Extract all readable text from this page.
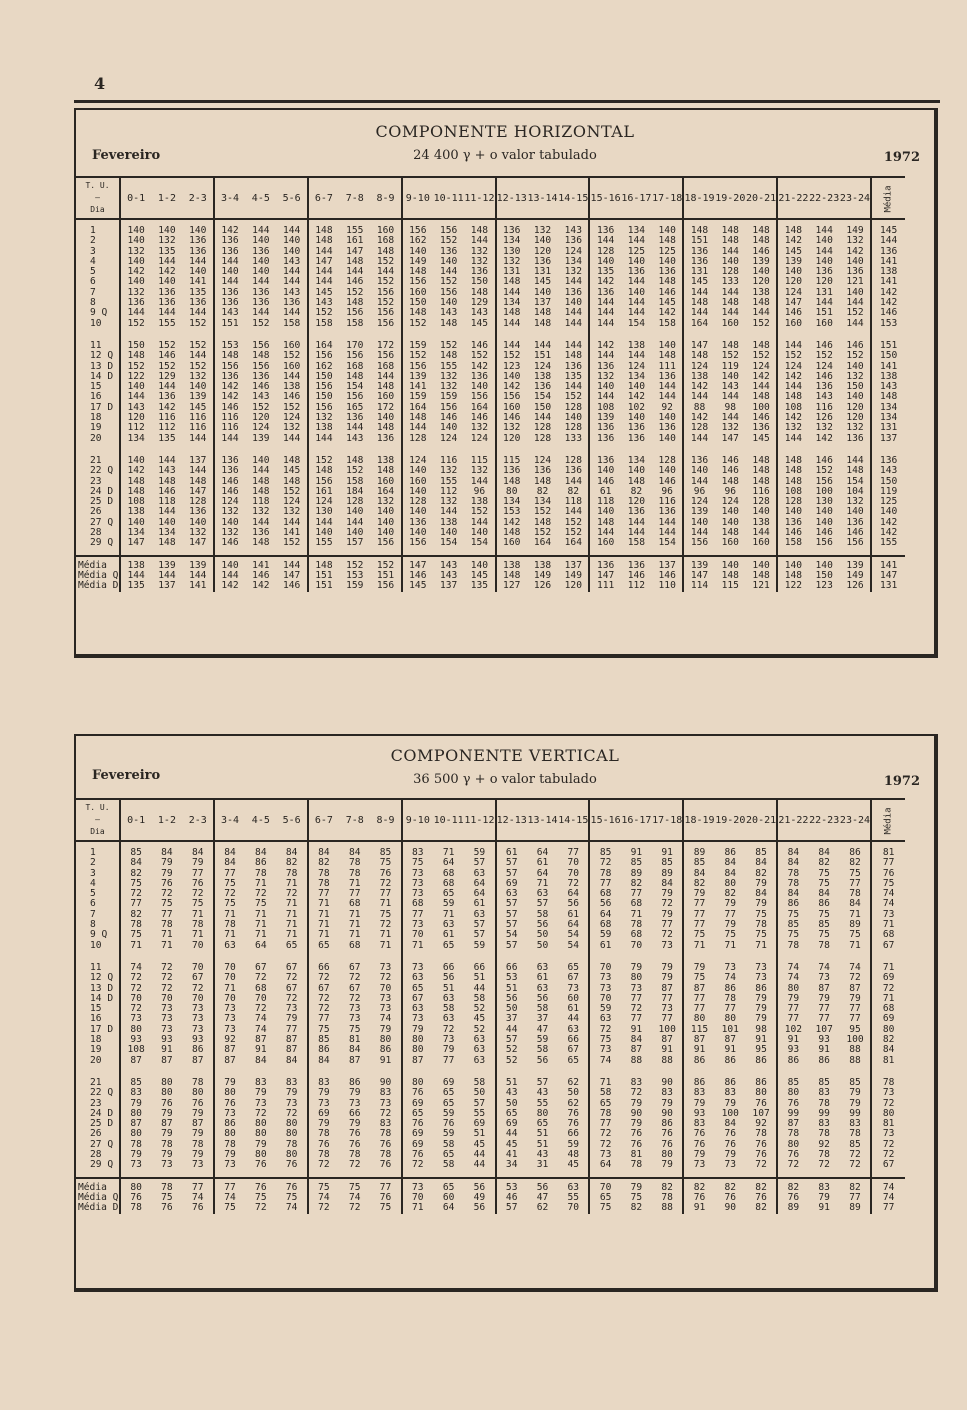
4
COMPONENTE HORIZONTAL
Fevereiro	24 400 γ + o valor tabulado	1972
T. U.
—
Dia	0-1	1-2	2-3	3-4	4-5	5-6	6-7	7-8	8-9	9-10	10-11	11-12	12-13	13-14	14-15	15-16	16-17	17-18	18-19	19-20	20-21	21-22	22-23	23-24	Média
1	140	140	140	142	144	144	148	155	160	156	156	148	136	132	143	136	134	140	148	148	148	148	144	149	145
2	140	132	136	136	140	140	148	161	168	162	152	144	134	140	136	144	144	148	151	148	148	142	140	132	144
3	132	135	136	136	136	140	144	147	148	140	136	132	130	120	124	128	125	125	136	144	146	145	144	142	136
4	140	144	144	144	140	143	147	148	152	149	140	132	132	136	134	140	140	140	136	140	139	139	140	140	141
5	142	142	140	140	140	144	144	144	144	148	144	136	131	131	132	135	136	136	131	128	140	140	136	136	138
6	140	140	141	144	144	144	144	146	152	156	152	150	148	145	144	142	144	148	145	133	120	120	120	121	141
7	132	136	135	136	136	143	145	152	156	160	156	148	144	140	136	136	140	146	144	144	138	124	131	140	142
8	136	136	136	136	136	136	143	148	152	150	140	129	134	137	140	144	144	145	148	148	148	147	144	144	142
9 Q	144	144	144	143	144	144	152	156	156	148	143	143	148	148	144	144	144	142	144	144	144	146	151	152	146
10	152	155	152	151	152	158	158	158	156	152	148	145	144	148	144	144	154	158	164	160	152	160	160	144	153
11	150	152	152	153	156	160	164	170	172	159	152	146	144	144	144	142	138	140	147	148	148	144	146	146	151
12 Q	148	146	144	148	148	152	156	156	156	152	148	152	152	151	148	144	144	148	148	152	152	152	152	152	150
13 D	152	152	152	156	156	160	162	168	168	156	155	142	123	124	136	136	124	111	124	119	124	124	124	140	141
14 D	122	129	132	136	136	144	150	148	144	139	132	136	140	138	135	132	134	136	138	140	142	142	146	132	138
15	140	144	140	142	146	138	156	154	148	141	132	140	142	136	144	140	140	144	142	143	144	144	136	150	143
16	144	136	139	142	143	146	150	156	160	159	159	156	156	154	152	144	142	144	144	144	148	148	143	140	148
17 D	143	142	145	146	152	152	156	165	172	164	156	164	160	150	128	108	102	92	88	98	100	108	116	120	134
18	120	116	116	116	120	124	132	136	140	148	146	146	146	144	140	139	140	140	142	144	146	142	126	120	134
19	112	112	116	116	124	132	138	144	148	144	140	132	132	128	128	136	136	136	128	132	136	132	132	132	131
20	134	135	144	144	139	144	144	143	136	128	124	124	120	128	133	136	136	140	144	147	145	144	142	136	137
21	140	144	137	136	140	148	152	148	138	124	116	115	115	124	128	136	134	128	136	146	148	148	146	144	136
22 Q	142	143	144	136	144	145	148	152	148	140	132	132	136	136	136	140	140	140	140	146	148	148	152	148	143
23	148	148	148	146	148	148	156	158	160	160	155	144	148	148	144	146	148	146	144	148	148	148	156	154	150
24 D	148	146	147	146	148	152	161	184	164	140	112	96	80	82	82	61	82	96	96	96	116	108	100	104	119
25 D	108	118	128	124	118	124	124	128	132	128	132	138	134	134	118	118	120	116	124	124	128	128	130	132	125
26	138	144	136	132	132	132	130	140	140	140	144	152	153	152	144	140	136	136	139	140	140	140	140	140	140
27 Q	140	140	140	140	144	144	144	144	140	136	138	144	142	148	152	148	144	144	140	140	138	136	140	136	142
28	134	134	132	132	136	141	140	140	140	140	140	140	148	152	152	144	144	144	144	148	144	146	146	146	142
29 Q	147	148	147	146	148	152	155	157	156	156	154	154	160	164	164	160	158	154	156	160	160	158	156	156	155
Média	138	139	139	140	141	144	148	152	152	147	143	140	138	138	137	136	136	137	139	140	140	140	140	139	141
Média Q	144	144	144	144	146	147	151	153	151	146	143	145	148	149	149	147	146	146	147	148	148	148	150	149	147
Média D	135	137	141	142	142	146	151	159	156	145	137	135	127	126	120	111	112	110	114	115	121	122	123	126	131
COMPONENTE VERTICAL
Fevereiro	36 500 γ + o valor tabulado	1972
T. U.
—
Dia	0-1	1-2	2-3	3-4	4-5	5-6	6-7	7-8	8-9	9-10	10-11	11-12	12-13	13-14	14-15	15-16	16-17	17-18	18-19	19-20	20-21	21-22	22-23	23-24	Média
1	85	84	84	84	84	84	84	84	85	83	71	59	61	64	77	85	91	91	89	86	85	84	84	86	81
2	84	79	79	84	86	82	82	78	75	75	64	57	57	61	70	72	85	85	85	84	84	84	82	82	77
3	82	79	77	77	78	78	78	78	76	73	68	63	57	64	70	78	89	89	84	84	82	78	75	75	76
4	75	76	76	75	71	71	78	71	72	73	68	64	69	71	72	77	82	84	82	80	79	78	75	77	75
5	72	72	72	72	72	72	77	77	77	73	65	64	63	63	64	68	77	79	79	82	84	84	84	78	74
6	77	75	75	75	75	71	71	68	71	68	59	61	57	57	56	56	68	72	77	79	79	86	86	84	74
7	82	77	71	71	71	71	71	71	75	77	71	63	57	58	61	64	71	79	77	77	75	75	75	71	73
8	78	78	78	78	71	71	71	71	72	73	63	57	57	56	64	68	78	77	77	79	78	85	85	89	71
9 Q	75	71	71	71	71	71	71	71	71	70	61	57	54	50	54	59	68	72	75	75	75	75	75	75	68
10	71	71	70	63	64	65	65	68	71	71	65	59	57	50	54	61	70	73	71	71	71	78	78	71	67
11	74	72	70	70	67	67	66	67	73	73	66	66	66	63	65	70	79	79	79	73	73	74	74	74	71
12 Q	72	72	67	70	72	72	72	72	72	63	56	51	53	61	67	73	80	79	75	74	73	74	73	72	69
13 D	72	72	72	71	68	67	67	67	70	65	51	44	51	63	73	73	73	87	87	86	86	80	87	87	72
14 D	70	70	70	70	70	72	72	72	73	67	63	58	56	56	60	70	77	77	77	78	79	79	79	79	71
15	72	73	73	73	72	73	72	73	73	63	58	52	50	58	61	59	72	73	77	77	79	77	77	77	68
16	73	73	73	73	74	79	77	73	74	73	63	45	37	37	44	63	77	77	80	80	79	77	77	77	69
17 D	80	73	73	73	74	77	75	75	79	79	72	52	44	47	63	72	91	100	115	101	98	102	107	95	80
18	93	93	93	92	87	87	85	81	80	80	73	63	57	59	66	75	84	87	87	87	91	91	93	100	82
19	108	91	86	87	91	87	86	84	86	80	79	63	52	58	67	73	87	91	91	91	95	93	91	88	84
20	87	87	87	87	84	84	84	87	91	87	77	63	52	56	65	74	88	88	86	86	86	86	86	88	81
21	85	80	78	79	83	83	83	86	90	80	69	58	51	57	62	71	83	90	86	86	86	85	85	85	78
22 Q	83	80	80	80	79	79	79	79	83	76	65	50	43	43	50	58	72	83	83	83	80	80	83	79	73
23	79	76	76	76	73	73	73	73	73	69	65	57	50	55	62	65	79	79	79	79	76	76	78	79	72
24 D	80	79	79	73	72	72	69	66	72	65	59	55	65	80	76	78	90	90	93	100	107	99	99	99	80
25 D	87	87	87	86	80	80	79	79	83	76	76	69	69	65	76	77	79	86	83	84	92	87	83	83	81
26	80	79	79	80	80	80	78	76	78	69	59	51	44	51	66	72	76	76	76	76	78	78	78	78	73
27 Q	78	78	78	78	79	78	76	76	76	69	58	45	45	51	59	72	76	76	76	76	76	80	92	85	72
28	79	79	79	79	80	80	78	78	78	76	65	44	41	43	48	73	81	80	79	79	76	76	78	72	72
29 Q	73	73	73	73	76	76	72	72	76	72	58	44	34	31	45	64	78	79	73	73	72	72	72	72	67
Média	80	78	77	77	76	76	75	75	77	73	65	56	53	56	63	70	79	82	82	82	82	82	83	82	74
Média Q	76	75	74	74	75	75	74	74	76	70	60	49	46	47	55	65	75	78	76	76	76	76	79	77	74
Média D	78	76	76	75	72	74	72	72	75	71	64	56	57	62	70	75	82	88	91	90	82	89	91	89	77
